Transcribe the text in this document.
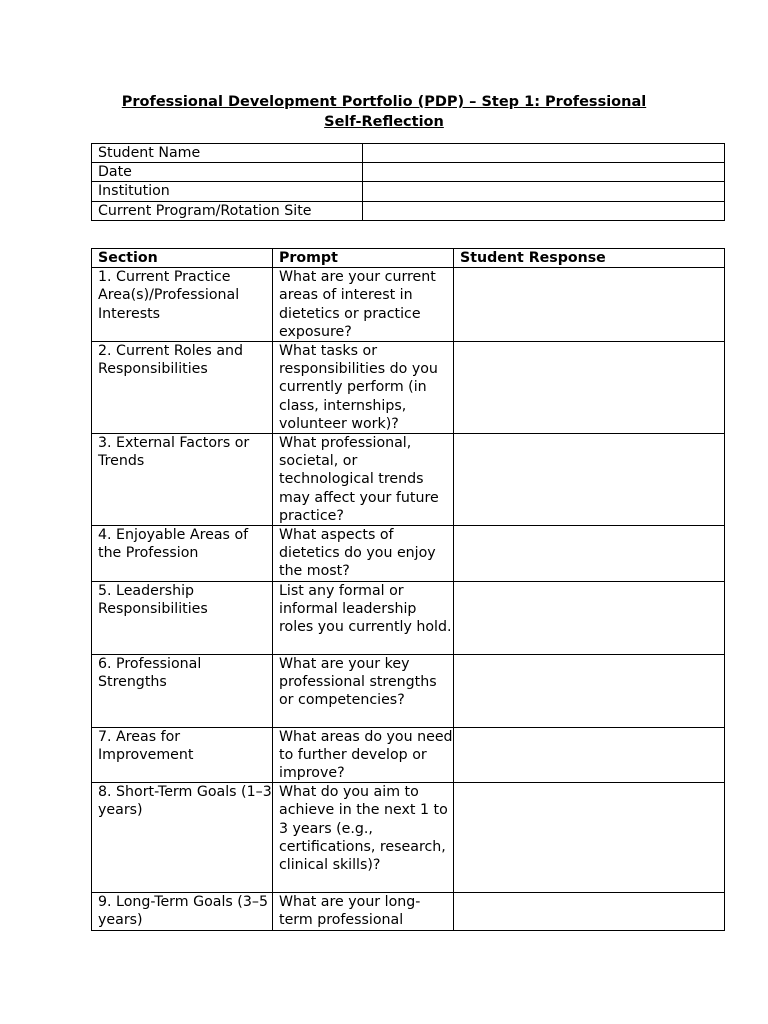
Professional Development Portfolio (PDP) – Step 1: Professional
Self-Reflection
Student Name	
Date	
Institution	
Current Program/Rotation Site	
Section	Prompt	Student Response
1. Current Practice Area(s)/Professional Interests	What are your current areas of interest in dietetics or practice exposure?	
2. Current Roles and Responsibilities	What tasks or responsibilities do you currently perform (in class, internships, volunteer work)?	
3. External Factors or Trends	What professional, societal, or technological trends may affect your future practice?	
4. Enjoyable Areas of the Profession	What aspects of dietetics do you enjoy the most?	
5. Leadership Responsibilities	List any formal or informal leadership roles you currently hold.	
6. Professional Strengths	What are your key professional strengths or competencies?	
7. Areas for Improvement	What areas do you need to further develop or improve?	
8. Short-Term Goals (1–3 years)	What do you aim to achieve in the next 1 to 3 years (e.g., certifications, research, clinical skills)?	
9. Long-Term Goals (3–5 years)	What are your long-term professional	
